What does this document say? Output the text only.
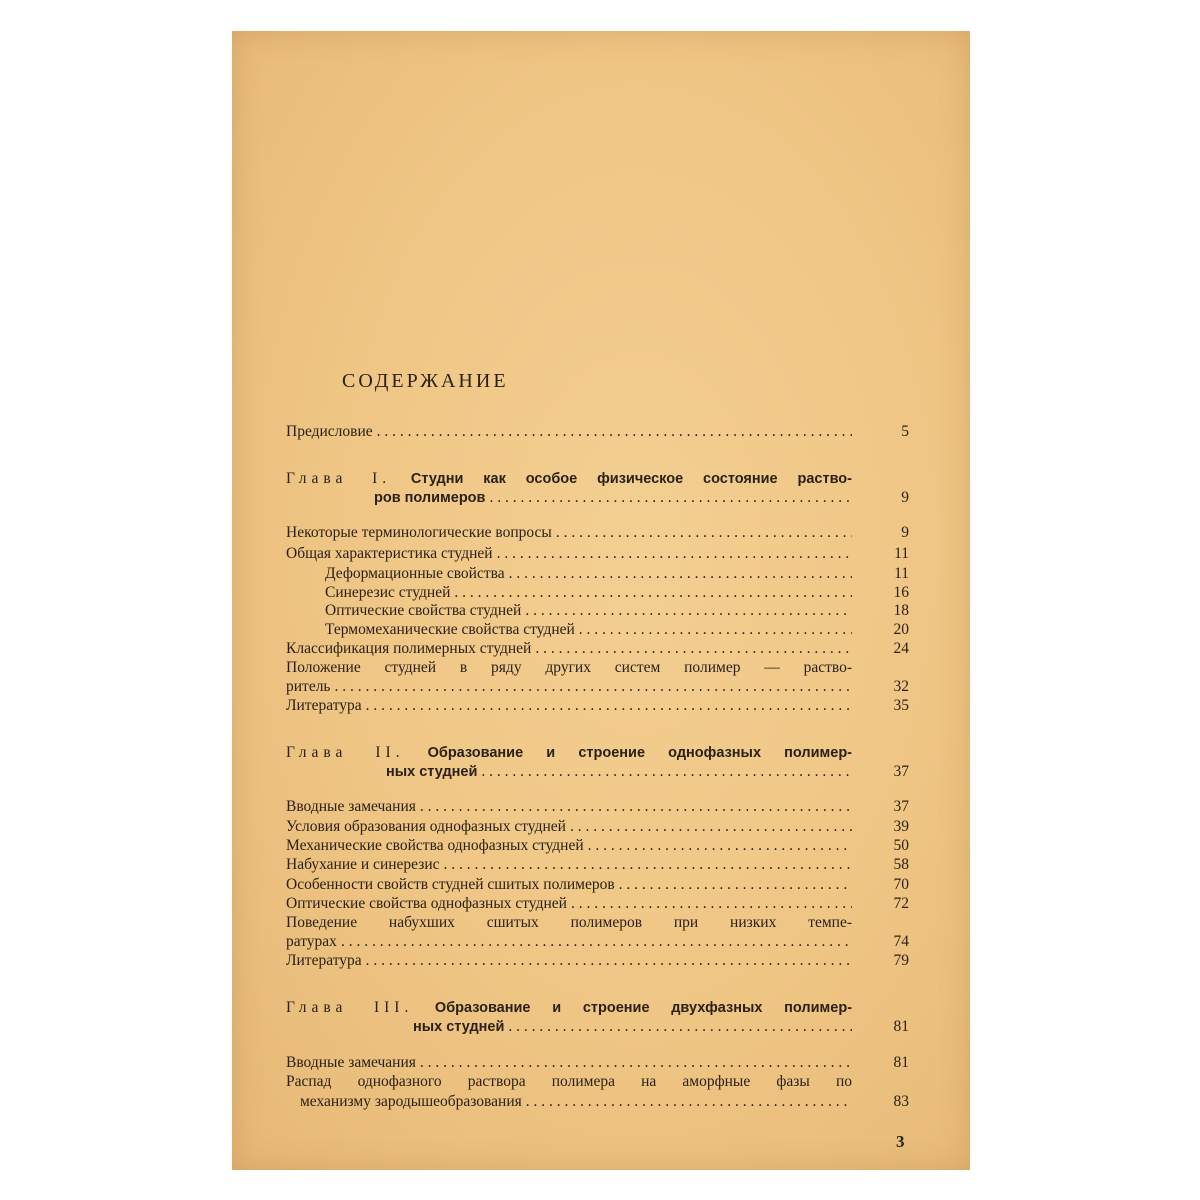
СОДЕРЖАНИЕ
Предисловие . . .	5
Глава I. Студни как особое физическое состояние раство-
ров полимеров . . .	9
Некоторые терминологические вопросы . . .	9
Общая характеристика студней . . .	11
Деформационные свойства . . .	11
Синерезис студней . . .	16
Оптические свойства студней . . .	18
Термомеханические свойства студней . . .	20
Классификация полимерных студней . . .	24
Положение студней в ряду других систем полимер — раство-
ритель . . .	32
Литература . . .	35
Глава II. Образование и строение однофазных полимер-
ных студней . . .	37
Вводные замечания . . .	37
Условия образования однофазных студней . . .	39
Механические свойства однофазных студней . . .	50
Набухание и синерезис . . .	58
Особенности свойств студней сшитых полимеров . . .	70
Оптические свойства однофазных студней . . .	72
Поведение набухших сшитых полимеров при низких темпе-
ратурах . . .	74
Литература . . .	79
Глава III. Образование и строение двухфазных полимер-
ных студней . . .	81
Вводные замечания . . .	81
Распад однофазного раствора полимера на аморфные фазы по
механизму зародышеобразования . . .	83
3
